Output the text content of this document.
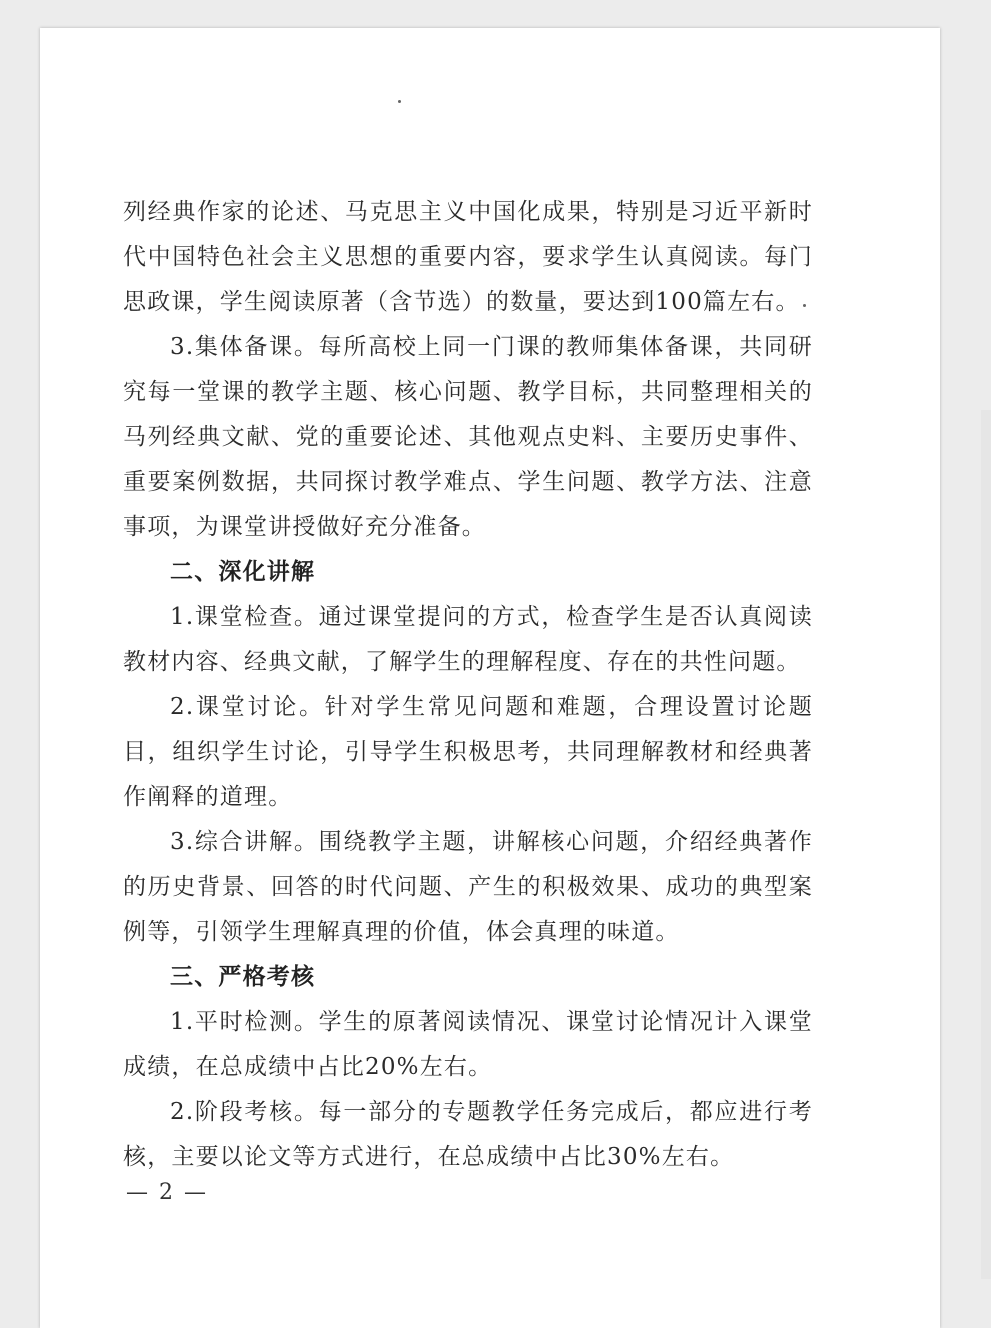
列经典作家的论述、马克思主义中国化成果，特别是习近平新时代中国特色社会主义思想的重要内容，要求学生认真阅读。每门思政课，学生阅读原著（含节选）的数量，要达到100篇左右。

3.集体备课。每所高校上同一门课的教师集体备课，共同研究每一堂课的教学主题、核心问题、教学目标，共同整理相关的马列经典文献、党的重要论述、其他观点史料、主要历史事件、重要案例数据，共同探讨教学难点、学生问题、教学方法、注意事项，为课堂讲授做好充分准备。

二、深化讲解

1.课堂检查。通过课堂提问的方式，检查学生是否认真阅读教材内容、经典文献，了解学生的理解程度、存在的共性问题。

2.课堂讨论。针对学生常见问题和难题，合理设置讨论题目，组织学生讨论，引导学生积极思考，共同理解教材和经典著作阐释的道理。

3.综合讲解。围绕教学主题，讲解核心问题，介绍经典著作的历史背景、回答的时代问题、产生的积极效果、成功的典型案例等，引领学生理解真理的价值，体会真理的味道。

三、严格考核

1.平时检测。学生的原著阅读情况、课堂讨论情况计入课堂成绩，在总成绩中占比20%左右。

2.阶段考核。每一部分的专题教学任务完成后，都应进行考核，主要以论文等方式进行，在总成绩中占比30%左右。

— 2 —
